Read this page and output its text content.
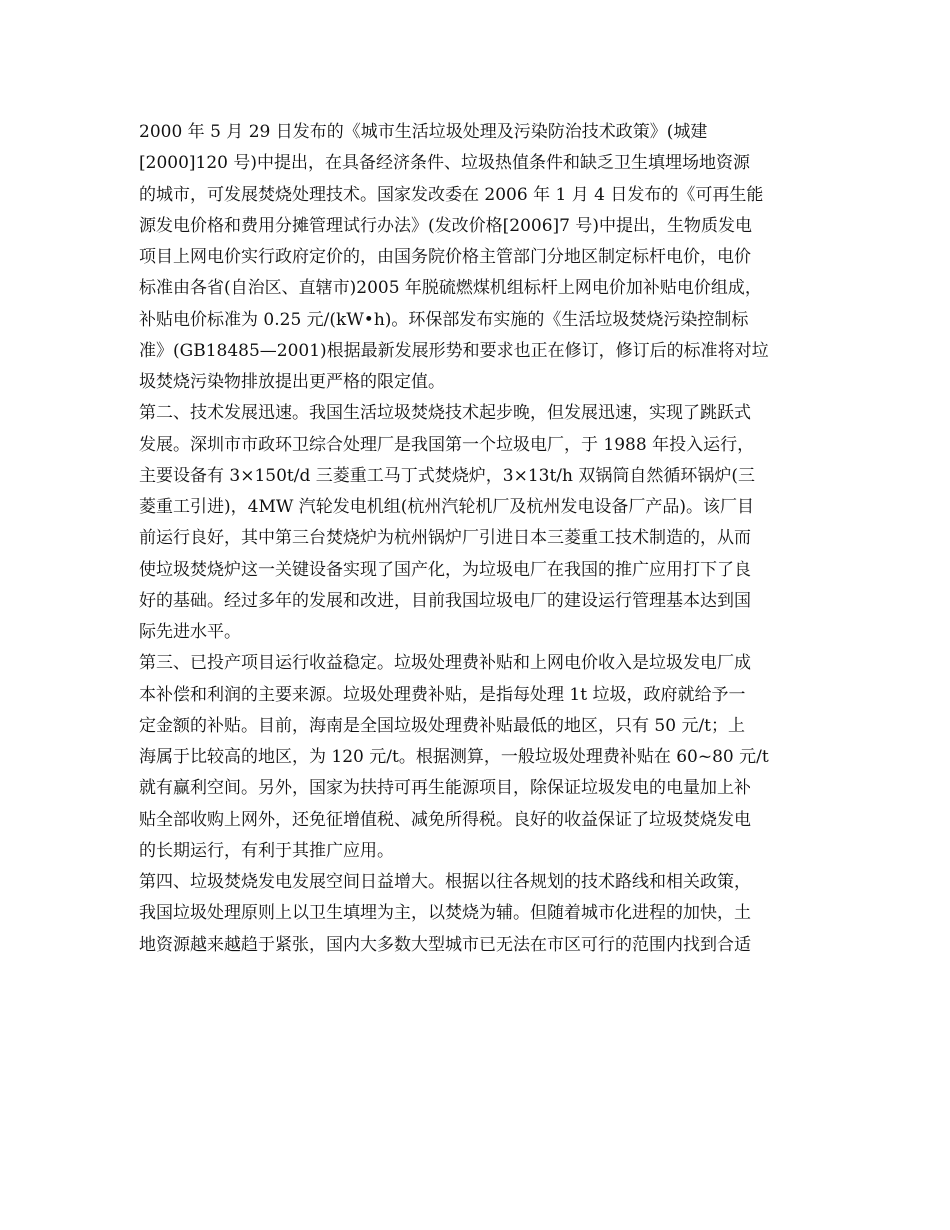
2000 年 5 月 29 日发布的《城市生活垃圾处理及污染防治技术政策》(城建
[2000]120 号)中提出，在具备经济条件、垃圾热值条件和缺乏卫生填埋场地资源
的城市，可发展焚烧处理技术。国家发改委在 2006 年 1 月 4 日发布的《可再生能
源发电价格和费用分摊管理试行办法》(发改价格[2006]7 号)中提出，生物质发电
项目上网电价实行政府定价的，由国务院价格主管部门分地区制定标杆电价，电价
标准由各省(自治区、直辖市)2005 年脱硫燃煤机组标杆上网电价加补贴电价组成，
补贴电价标准为 0.25 元/(kW•h)。环保部发布实施的《生活垃圾焚烧污染控制标
准》(GB18485—2001)根据最新发展形势和要求也正在修订，修订后的标准将对垃
圾焚烧污染物排放提出更严格的限定值。
第二、技术发展迅速。我国生活垃圾焚烧技术起步晚，但发展迅速，实现了跳跃式
发展。深圳市市政环卫综合处理厂是我国第一个垃圾电厂，于 1988 年投入运行，
主要设备有 3×150t/d 三菱重工马丁式焚烧炉，3×13t/h 双锅筒自然循环锅炉(三
菱重工引进)，4MW 汽轮发电机组(杭州汽轮机厂及杭州发电设备厂产品)。该厂目
前运行良好，其中第三台焚烧炉为杭州锅炉厂引进日本三菱重工技术制造的，从而
使垃圾焚烧炉这一关键设备实现了国产化，为垃圾电厂在我国的推广应用打下了良
好的基础。经过多年的发展和改进，目前我国垃圾电厂的建设运行管理基本达到国
际先进水平。
第三、已投产项目运行收益稳定。垃圾处理费补贴和上网电价收入是垃圾发电厂成
本补偿和利润的主要来源。垃圾处理费补贴，是指每处理 1t 垃圾，政府就给予一
定金额的补贴。目前，海南是全国垃圾处理费补贴最低的地区，只有 50 元/t；上
海属于比较高的地区，为 120 元/t。根据测算，一般垃圾处理费补贴在 60~80 元/t
就有赢利空间。另外，国家为扶持可再生能源项目，除保证垃圾发电的电量加上补
贴全部收购上网外，还免征增值税、减免所得税。良好的收益保证了垃圾焚烧发电
的长期运行，有利于其推广应用。
第四、垃圾焚烧发电发展空间日益增大。根据以往各规划的技术路线和相关政策，
我国垃圾处理原则上以卫生填埋为主，以焚烧为辅。但随着城市化进程的加快，土
地资源越来越趋于紧张，国内大多数大型城市已无法在市区可行的范围内找到合适
